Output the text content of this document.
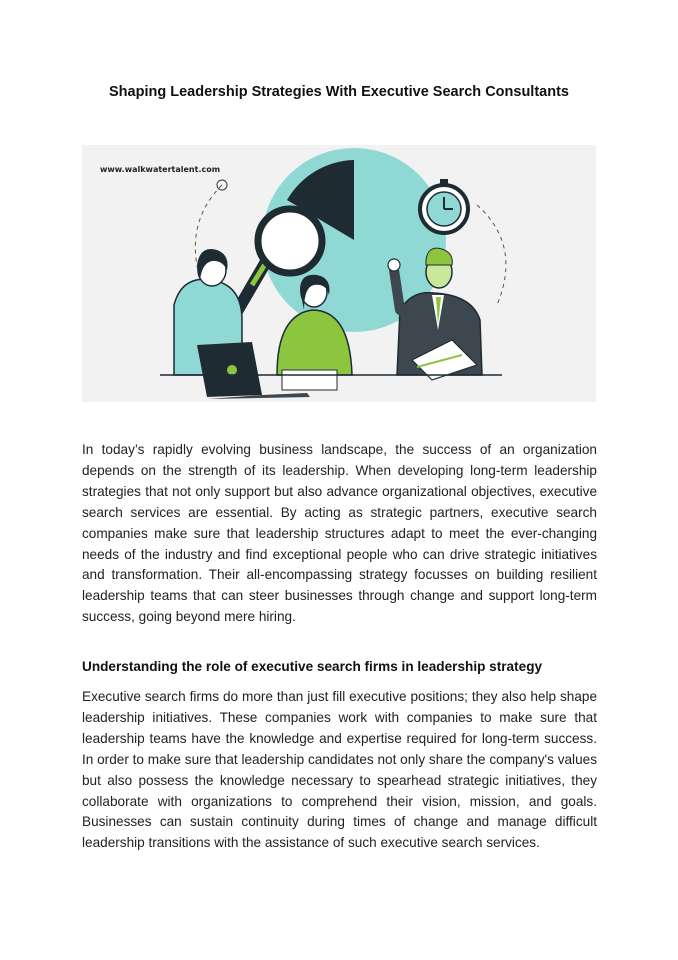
Shaping Leadership Strategies With Executive Search Consultants
www.walkwatertalent.com

In today’s rapidly evolving business landscape, the success of an organization depends on the strength of its leadership. When developing long-term leadership strategies that not only support but also advance organizational objectives, executive search services are essential. By acting as strategic partners, executive search companies make sure that leadership structures adapt to meet the ever-changing needs of the industry and find exceptional people who can drive strategic initiatives and transformation. Their all-encompassing strategy focusses on building resilient leadership teams that can steer businesses through change and support long-term success, going beyond mere hiring.

Understanding the role of executive search firms in leadership strategy

Executive search firms do more than just fill executive positions; they also help shape leadership initiatives. These companies work with companies to make sure that leadership teams have the knowledge and expertise required for long-term success. In order to make sure that leadership candidates not only share the company's values but also possess the knowledge necessary to spearhead strategic initiatives, they collaborate with organizations to comprehend their vision, mission, and goals. Businesses can sustain continuity during times of change and manage difficult leadership transitions with the assistance of such executive search services.
